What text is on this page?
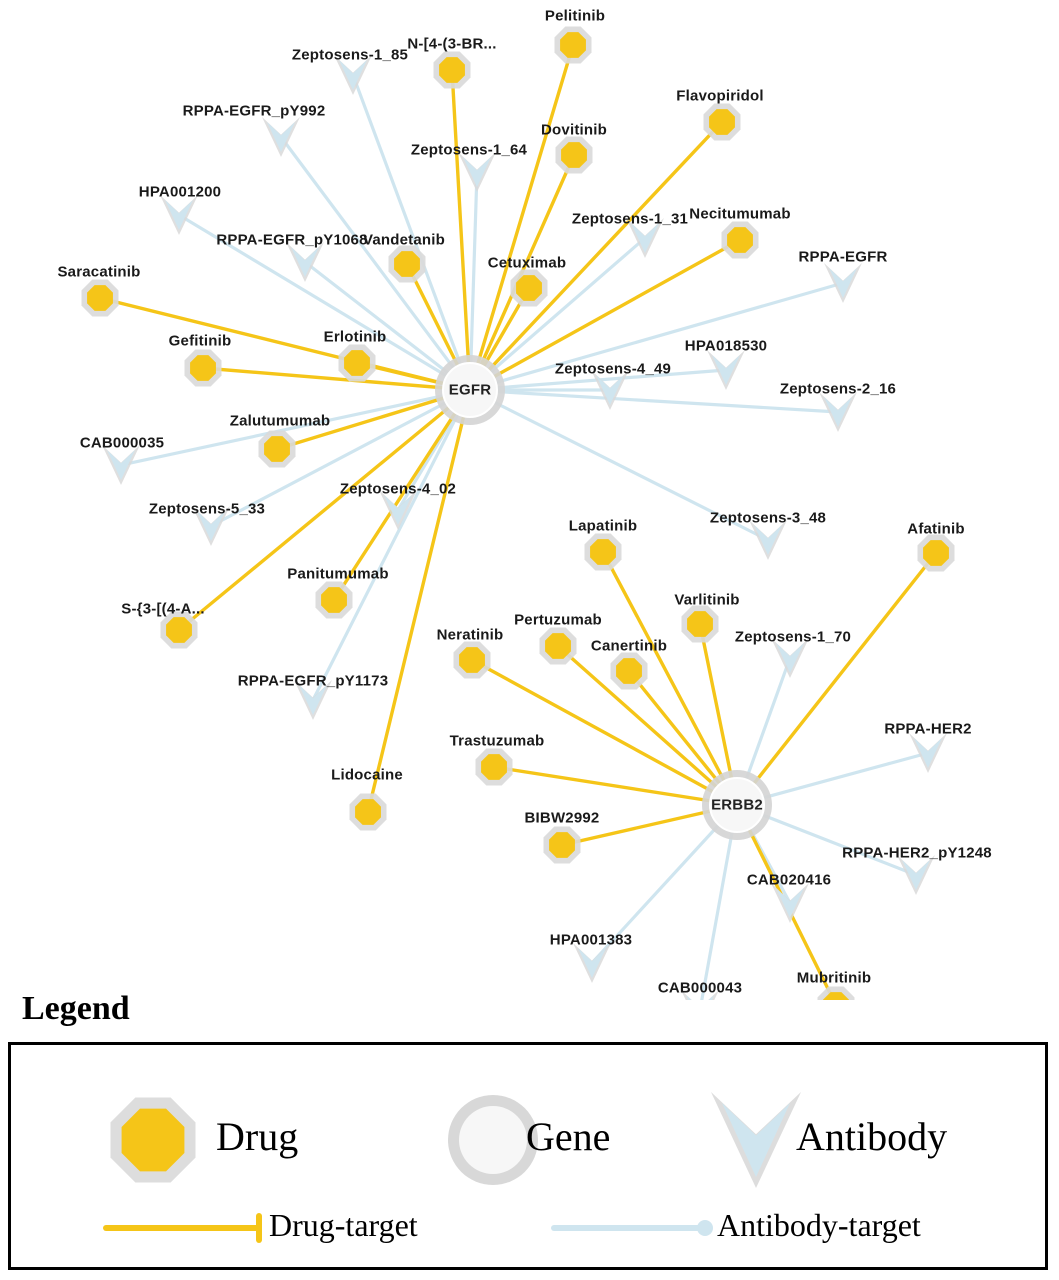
Zeptosens-1_85
RPPA-EGFR_pY992
Zeptosens-1_64
HPA001200
Zeptosens-1_31
RPPA-EGFR_pY1068
RPPA-EGFR
HPA018530
Zeptosens-4_49
Zeptosens-2_16
CAB000035
Zeptosens-4_02
Zeptosens-5_33
Zeptosens-3_48
RPPA-EGFR_pY1173
Zeptosens-1_70
RPPA-HER2
RPPA-HER2_pY1248
CAB020416
HPA001383
CAB000043
Pelitinib
N-[4-(3-BR...
Flavopiridol
Dovitinib
Necitumumab
Vandetanib
Cetuximab
Saracatinib
Gefitinib	Erlotinib
Zalutumumab
Afatinib
Lapatinib
Varlitinib
Panitumumab
S-{3-[(4-A...
Pertuzumab
Canertinib
Neratinib
Trastuzumab
Lidocaine
BIBW2992
Mubritinib
EGFR
ERBB2
Legend
Drug	Gene	Antibody
Drug-target	Antibody-target
